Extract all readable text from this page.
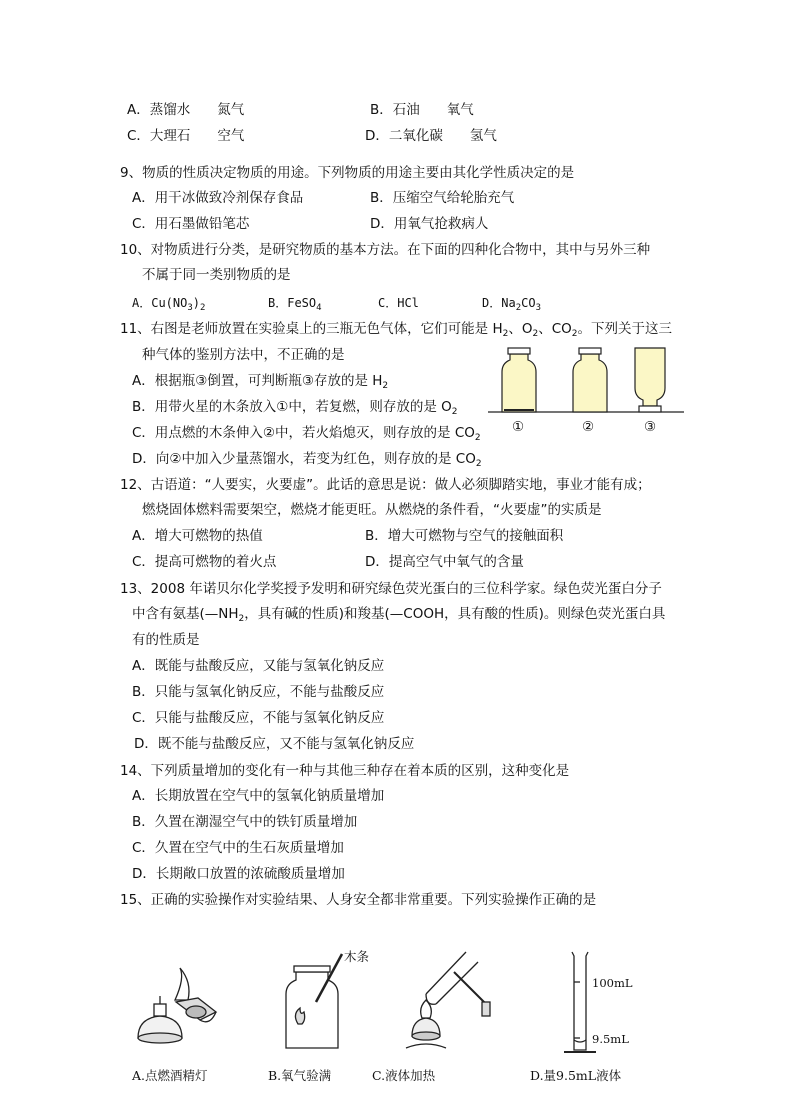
A．蒸馏水　　氮气	B．石油　　氧气
C．大理石　　空气	D．二氧化碳　　氢气
9、物质的性质决定物质的用途。下列物质的用途主要由其化学性质决定的是
A．用干冰做致冷剂保存食品	B．压缩空气给轮胎充气
C．用石墨做铅笔芯	D．用氧气抢救病人
10、对物质进行分类，是研究物质的基本方法。在下面的四种化合物中，其中与另外三种
不属于同一类别物质的是
A．$Cu(NO_3)_2$	B．FeSO$_4$	C．HCl	D．$Na_2CO_3$
11、右图是老师放置在实验桌上的三瓶无色气体，它们可能是 $H_2$、$O_2$、$CO_2$。下列关于这三
种气体的鉴别方法中，不正确的是
A．根据瓶③倒置，可判断瓶③存放的是 $H_2$
B．用带火星的木条放入①中，若复燃，则存放的是 $O_2$
C．用点燃的木条伸入②中，若火焰熄灭，则存放的是 $CO_2$
D．向②中加入少量蒸馏水，若变为红色，则存放的是 $CO_2$
①	②	③
12、古语道：“人要实，火要虚”。此话的意思是说：做人必须脚踏实地，事业才能有成；
燃烧固体燃料需要架空，燃烧才能更旺。从燃烧的条件看，“火要虚”的实质是
A．增大可燃物的热值	B．增大可燃物与空气的接触面积
C．提高可燃物的着火点	D．提高空气中氧气的含量
13、2008 年诺贝尔化学奖授予发明和研究绿色荧光蛋白的三位科学家。绿色荧光蛋白分子
中含有氨基($—NH_2$，具有碱的性质)和羧基(—COOH，具有酸的性质)。则绿色荧光蛋白具
有的性质是
A．既能与盐酸反应，又能与氢氧化钠反应
B．只能与氢氧化钠反应，不能与盐酸反应
C．只能与盐酸反应，不能与氢氧化钠反应
D．既不能与盐酸反应，又不能与氢氧化钠反应
14、下列质量增加的变化有一种与其他三种存在着本质的区别，这种变化是
A．长期放置在空气中的氢氧化钠质量增加
B．久置在潮湿空气中的铁钉质量增加
C．久置在空气中的生石灰质量增加
D．长期敞口放置的浓硫酸质量增加
15、正确的实验操作对实验结果、人身安全都非常重要。下列实验操作正确的是
A.点燃酒精灯
木条
B.氧气验满	C.液体加热
100mL
9.5mL
D.量9.5mL液体
